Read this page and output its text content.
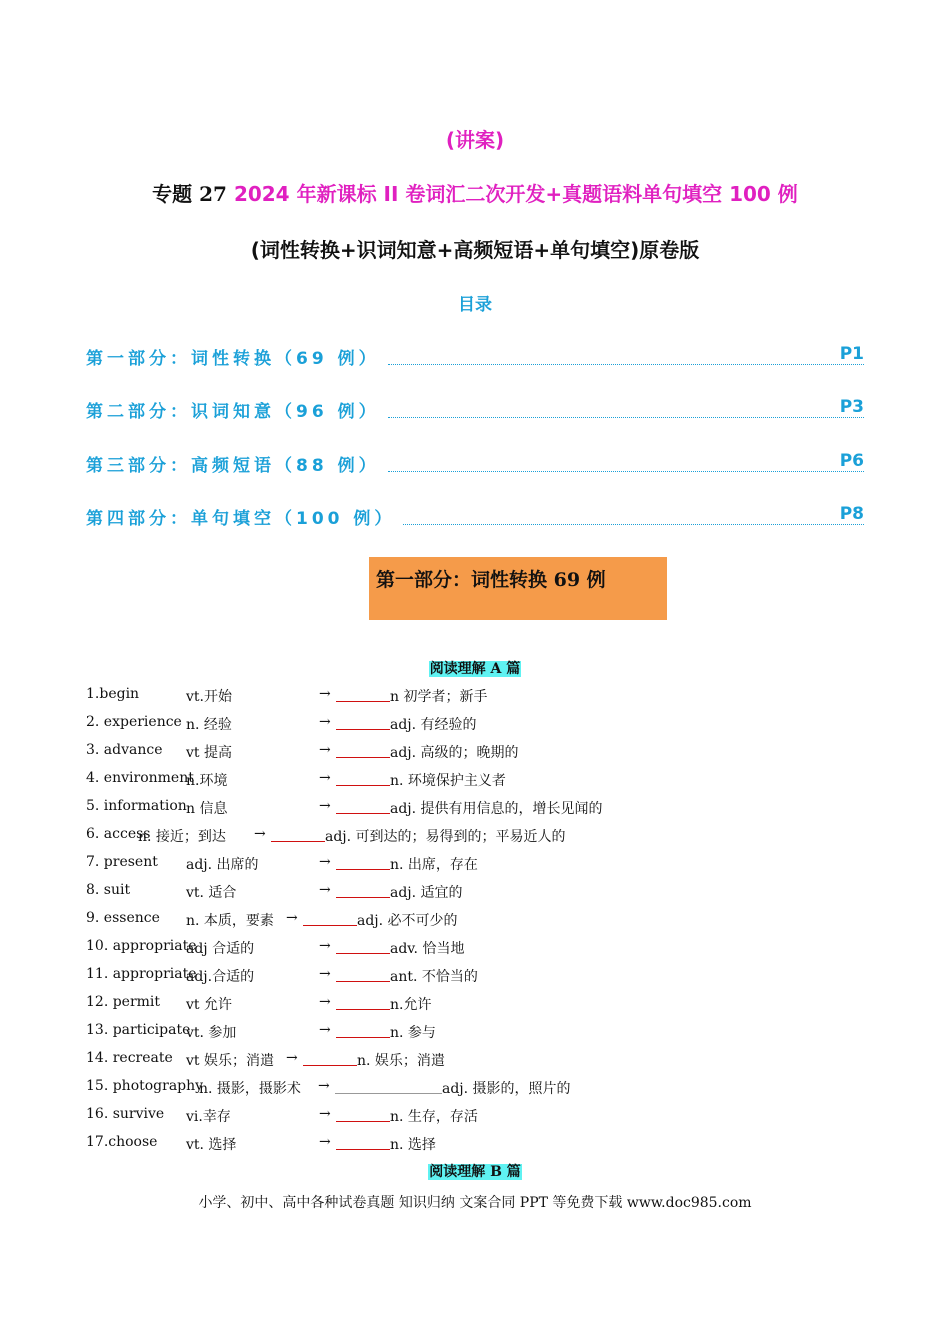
(讲案)
专题 27 2024 年新课标 II 卷词汇二次开发+真题语料单句填空 100 例
(词性转换+识词知意+高频短语+单句填空)原卷版
目录
第一部分：词性转换（69 例）	P1
第二部分：识词知意（96 例）	P3
第三部分：高频短语（88 例）	P6
第四部分：单句填空（100 例）	P8
第一部分：词性转换 69 例
阅读理解 A 篇
1.begin	vt.开始	→	n 初学者；新手
2. experience n. 经验	→	adj. 有经验的
3. advance vt 提高	→	adj. 高级的；晚期的
4. environment
n.环境	→	n. 环境保护主义者
5. information n 信息	→	adj. 提供有用信息的，增长见闻的
6. access
n. 接近；到达 →	adj. 可到达的；易得到的；平易近人的
7. present adj. 出席的	→	n. 出席，存在
8. suit	vt. 适合	→	adj. 适宜的
9. essence n. 本质，要素 →	adj. 必不可少的
10. appropriate
adj 合适的	→	adv. 恰当地
11. appropriate
adj.合适的	→	ant. 不恰当的
12. permit vt 允许	→	n.允许
13. participate
vt. 参加	→	n. 参与
14. recreate vt 娱乐；消遣 →	n. 娱乐；消遣
15. photography
n. 摄影，摄影术 →	adj. 摄影的，照片的
16. survive vi.幸存	→	n. 生存，存活
17.choose vt. 选择	→	n. 选择
阅读理解 B 篇
小学、初中、高中各种试卷真题 知识归纳 文案合同 PPT 等免费下载 www.doc985.com
